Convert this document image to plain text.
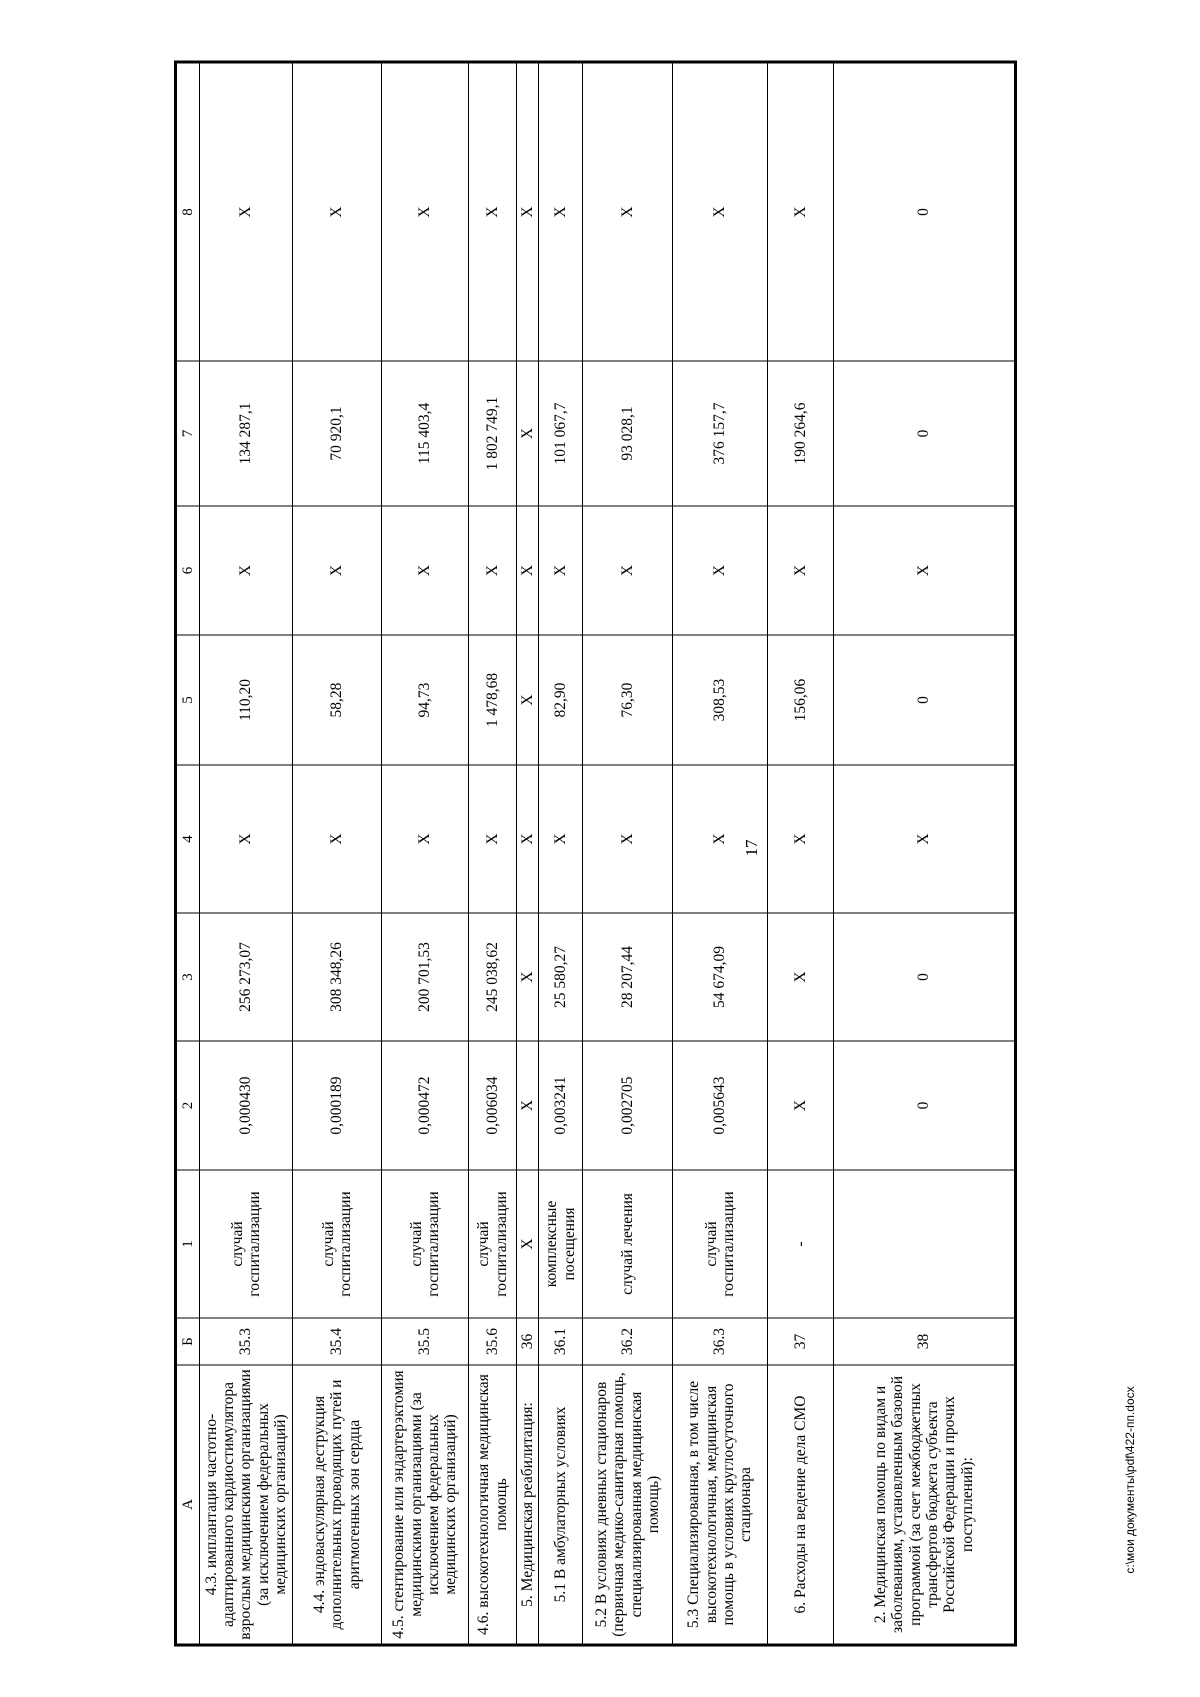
17
А	Б	1	2	3	4	5	6	7	8
4.3. имплантация частотно-адаптированного кардиостимулятора взрослым медицинскими организациями (за исключением федеральных медицинских организаций)	35.3	случай госпитализации	0,000430	256 273,07	Х	110,20	Х	134 287,1	Х
4.4. эндоваскулярная деструкция дополнительных проводящих путей и аритмогенных зон сердца	35.4	случай госпитализации	0,000189	308 348,26	Х	58,28	Х	70 920,1	Х
4.5. стентирование или эндартерэктомия медицинскими организациями (за исключением федеральных медицинских организаций)	35.5	случай госпитализации	0,000472	200 701,53	Х	94,73	Х	115 403,4	Х
4.6. высокотехнологичная медицинская помощь	35.6	случай госпитализации	0,006034	245 038,62	Х	1 478,68	Х	1 802 749,1	Х
5. Медицинская реабилитация:	36	Х	Х	Х	Х	Х	Х	Х	Х
5.1 В амбулаторных условиях	36.1	комплексные посещения	0,003241	25 580,27	Х	82,90	Х	101 067,7	Х
5.2 В условиях дневных стационаров (первичная медико-санитарная помощь, специализированная медицинская помощь)	36.2	случай лечения	0,002705	28 207,44	Х	76,30	Х	93 028,1	Х
5.3 Специализированная, в том числе высокотехнологичная, медицинская помощь в условиях круглосуточного стационара	36.3	случай госпитализации	0,005643	54 674,09	Х	308,53	Х	376 157,7	Х
6. Расходы на ведение дела СМО	37	-	Х	Х	Х	156,06	Х	190 264,6	Х
2. Медицинская помощь по видам и заболеваниям, установленным базовой программой (за счет межбюджетных трансфертов бюджета субъекта Российской Федерации и прочих поступлений):	38		0	0	Х	0	Х	0	0
c:\мои документы\pdf\422-пп.docx
